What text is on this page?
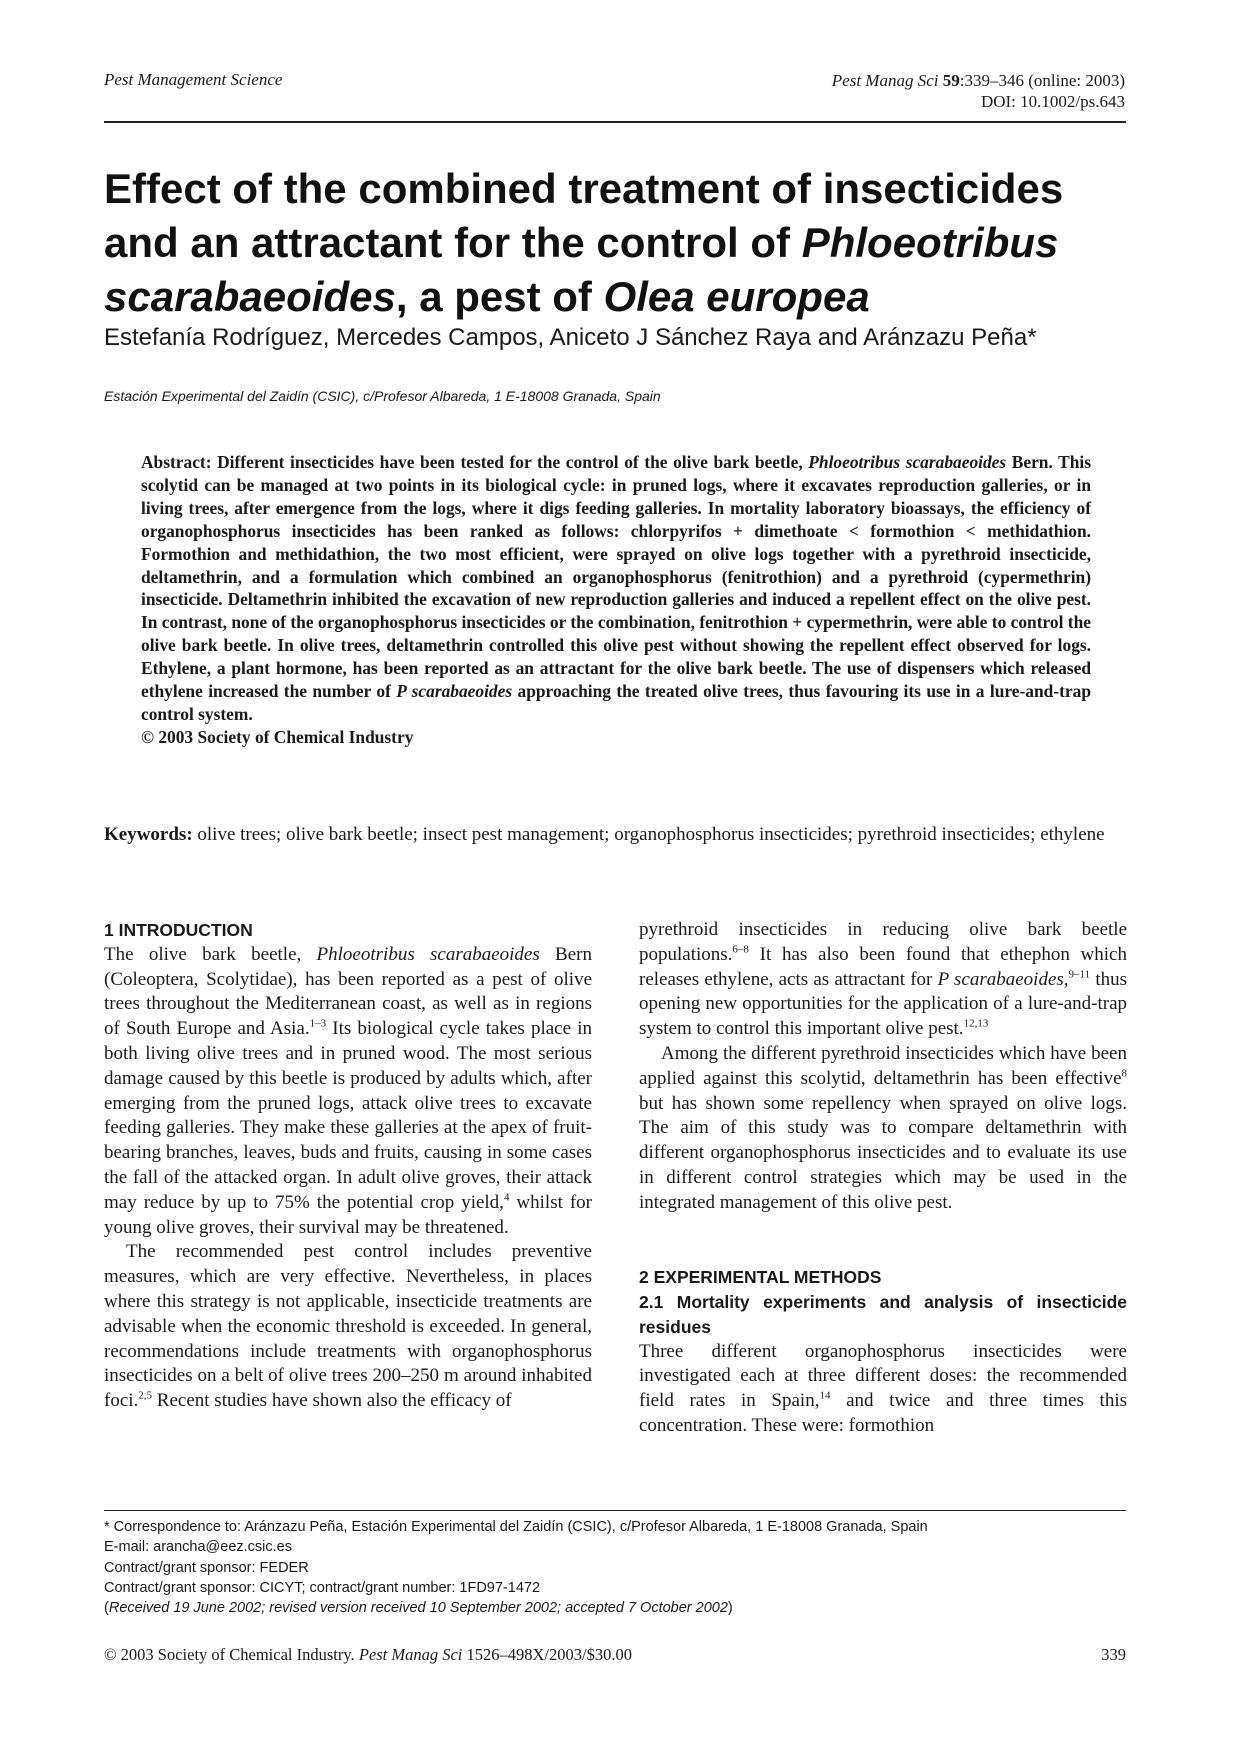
Pest Management Science	Pest Manag Sci 59:339–346 (online: 2003)
DOI: 10.1002/ps.643
Effect of the combined treatment of insecticides and an attractant for the control of Phloeotribus scarabaeoides, a pest of Olea europea
Estefanía Rodríguez, Mercedes Campos, Aniceto J Sánchez Raya and Aránzazu Peña*
Estación Experimental del Zaidín (CSIC), c/Profesor Albareda, 1 E-18008 Granada, Spain
Abstract: Different insecticides have been tested for the control of the olive bark beetle, Phloeotribus scarabaeoides Bern. This scolytid can be managed at two points in its biological cycle: in pruned logs, where it excavates reproduction galleries, or in living trees, after emergence from the logs, where it digs feeding galleries. In mortality laboratory bioassays, the efficiency of organophosphorus insecticides has been ranked as follows: chlorpyrifos + dimethoate < formothion < methidathion. Formothion and methidathion, the two most efficient, were sprayed on olive logs together with a pyrethroid insecticide, deltamethrin, and a formulation which combined an organophosphorus (fenitrothion) and a pyrethroid (cypermethrin) insecticide. Deltamethrin inhibited the excavation of new reproduction galleries and induced a repellent effect on the olive pest. In contrast, none of the organophosphorus insecticides or the combination, fenitrothion + cypermethrin, were able to control the olive bark beetle. In olive trees, deltamethrin controlled this olive pest without showing the repellent effect observed for logs. Ethylene, a plant hormone, has been reported as an attractant for the olive bark beetle. The use of dispensers which released ethylene increased the number of P scarabaeoides approaching the treated olive trees, thus favouring its use in a lure-and-trap control system.
© 2003 Society of Chemical Industry
Keywords: olive trees; olive bark beetle; insect pest management; organophosphorus insecticides; pyrethroid insecticides; ethylene
1 INTRODUCTION

The olive bark beetle, Phloeotribus scarabaeoides Bern (Coleoptera, Scolytidae), has been reported as a pest of olive trees throughout the Mediterranean coast, as well as in regions of South Europe and Asia.$^{1-3}$ Its biological cycle takes place in both living olive trees and in pruned wood. The most serious damage caused by this beetle is produced by adults which, after emerging from the pruned logs, attack olive trees to excavate feeding galleries. They make these galleries at the apex of fruit-bearing branches, leaves, buds and fruits, causing in some cases the fall of the attacked organ. In adult olive groves, their attack may reduce by up to 75% the potential crop yield,$^4$ whilst for young olive groves, their survival may be threatened.

The recommended pest control includes preventive measures, which are very effective. Nevertheless, in places where this strategy is not applicable, insecticide treatments are advisable when the economic threshold is exceeded. In general, recommendations include treatments with organophosphorus insecticides on a belt of olive trees 200–250 m around inhabited foci.$^{2,5}$ Recent studies have shown also the efficacy of

pyrethroid insecticides in reducing olive bark beetle populations.$^{6-8}$ It has also been found that ethephon which releases ethylene, acts as attractant for P scarabaeoides,$^{9-11}$ thus opening new opportunities for the application of a lure-and-trap system to control this important olive pest.$^{12,13}$

Among the different pyrethroid insecticides which have been applied against this scolytid, deltamethrin has been effective$^8$ but has shown some repellency when sprayed on olive logs. The aim of this study was to compare deltamethrin with different organophosphorus insecticides and to evaluate its use in different control strategies which may be used in the integrated management of this olive pest.

2 EXPERIMENTAL METHODS
2.1 Mortality experiments and analysis of insecticide residues

Three different organophosphorus insecticides were investigated each at three different doses: the recommended field rates in Spain,$^{14}$ and twice and three times this concentration. These were: formothion

* Correspondence to: Aránzazu Peña, Estación Experimental del Zaidín (CSIC), c/Profesor Albareda, 1 E-18008 Granada, Spain
E-mail: arancha@eez.csic.es
Contract/grant sponsor: FEDER
Contract/grant sponsor: CICYT; contract/grant number: 1FD97-1472
(Received 19 June 2002; revised version received 10 September 2002; accepted 7 October 2002)
© 2003 Society of Chemical Industry. Pest Manag Sci 1526–498X/2003/$30.00	339
